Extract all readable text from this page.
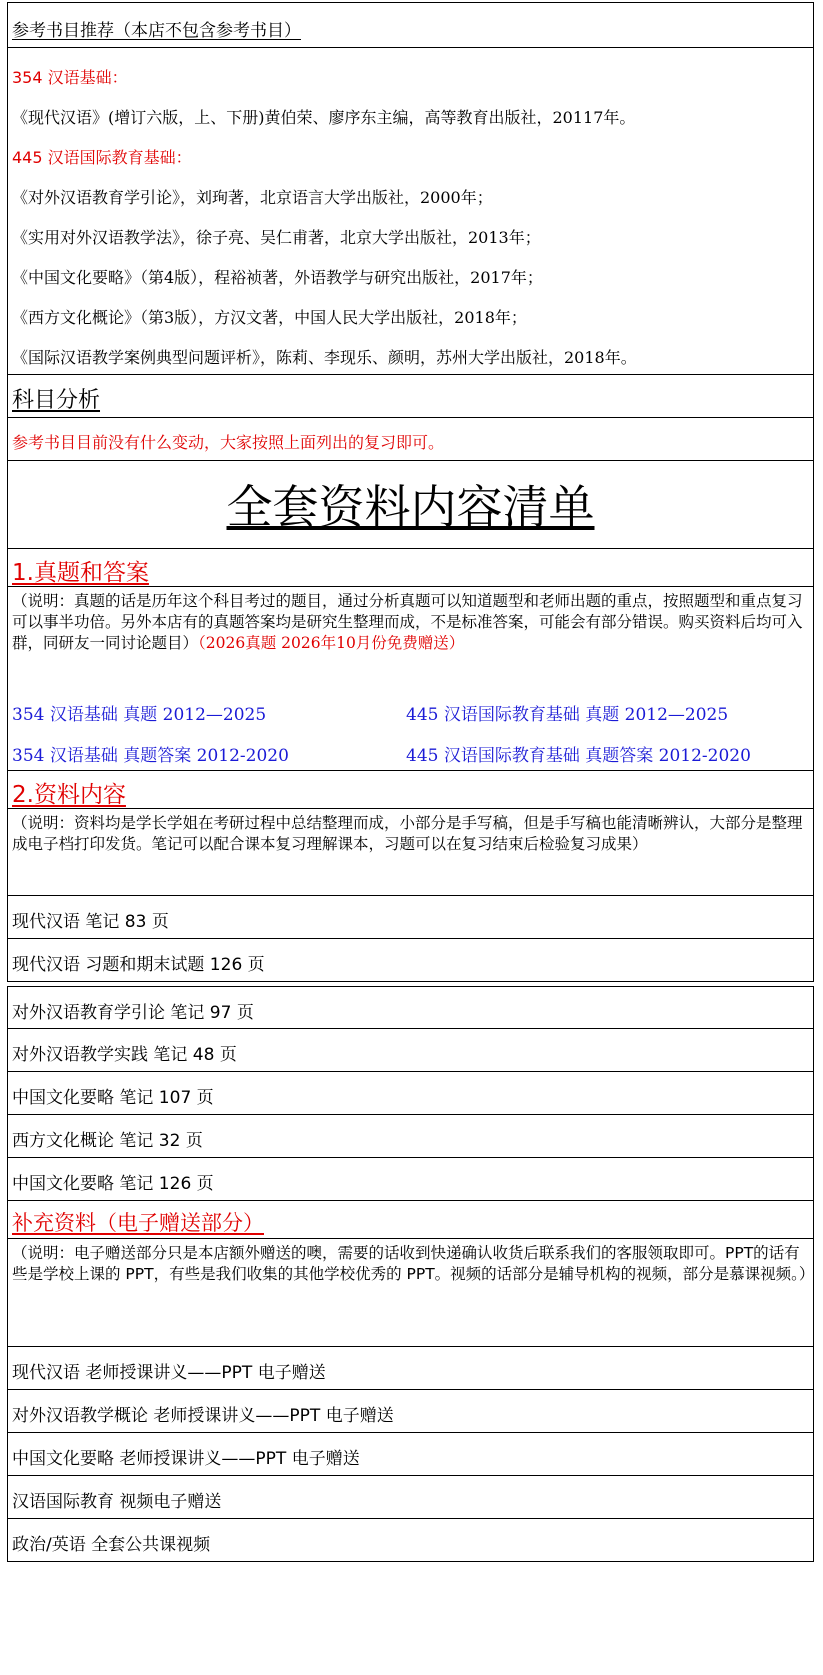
参考书目推荐（本店不包含参考书目）
354 汉语基础：
《现代汉语》(增订六版，上、下册)黄伯荣、廖序东主编，高等教育出版社，20117年。
445 汉语国际教育基础：
《对外汉语教育学引论》，刘珣著，北京语言大学出版社，2000年；
《实用对外汉语教学法》，徐子亮、吴仁甫著，北京大学出版社，2013年；
《中国文化要略》（第4版），程裕祯著，外语教学与研究出版社，2017年；
《西方文化概论》（第3版），方汉文著，中国人民大学出版社，2018年；
《国际汉语教学案例典型问题评析》，陈莉、李现乐、颜明，苏州大学出版社，2018年。
科目分析
参考书目目前没有什么变动，大家按照上面列出的复习即可。
全套资料内容清单
1.真题和答案
（说明：真题的话是历年这个科目考过的题目，通过分析真题可以知道题型和老师出题的重点，按照题型和重点复习可以事半功倍。另外本店有的真题答案均是研究生整理而成，不是标准答案，可能会有部分错误。购买资料后均可入群，同研友一同讨论题目）（2026真题 2026年10月份免费赠送）
354 汉语基础 真题 2012—2025	445 汉语国际教育基础 真题 2012—2025
354 汉语基础 真题答案 2012-2020	445 汉语国际教育基础 真题答案 2012-2020
2.资料内容
（说明：资料均是学长学姐在考研过程中总结整理而成，小部分是手写稿，但是手写稿也能清晰辨认，大部分是整理成电子档打印发货。笔记可以配合课本复习理解课本，习题可以在复习结束后检验复习成果）
现代汉语 笔记 83 页
现代汉语 习题和期末试题 126 页
对外汉语教育学引论 笔记 97 页
对外汉语教学实践 笔记 48 页
中国文化要略 笔记 107 页
西方文化概论 笔记 32 页
中国文化要略 笔记 126 页
补充资料（电子赠送部分）
（说明：电子赠送部分只是本店额外赠送的噢，需要的话收到快递确认收货后联系我们的客服领取即可。PPT的话有些是学校上课的 PPT，有些是我们收集的其他学校优秀的 PPT。视频的话部分是辅导机构的视频，部分是慕课视频。）
现代汉语 老师授课讲义——PPT 电子赠送
对外汉语教学概论 老师授课讲义——PPT 电子赠送
中国文化要略 老师授课讲义——PPT 电子赠送
汉语国际教育 视频电子赠送
政治/英语 全套公共课视频
